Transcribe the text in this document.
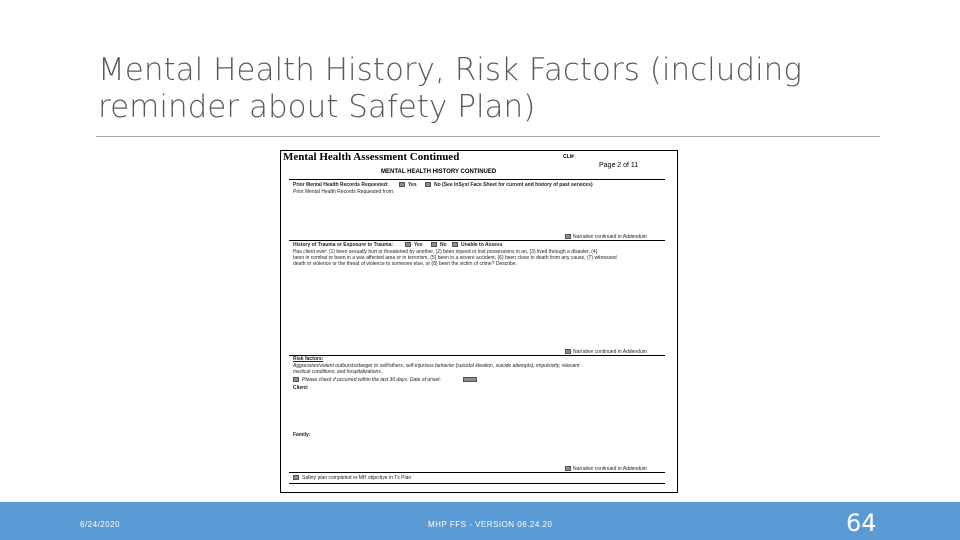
Mental Health History, Risk Factors (including reminder about Safety Plan)
Mental Health Assessment Continued	CLI#
Page 2 of 11
MENTAL HEALTH HISTORY CONTINUED
Prior Mental Health Records Requested:	Yes	No (See InSyst Face Sheet for current and history of past services)
Prior Mental Health Records Requested from:
Narrative continued in Addendum
History of Trauma or Exposure to Trauma:	Yes	No	Unable to Assess
Has client ever: (1) been sexually hurt or threatened by another, (2) been injured or lost possessions in an, (3) lived through a disaster, (4)
been in combat or been in a war-affected area or in terrorism, (5) been in a severe accident, (6) been close to death from any cause, (7) witnessed
death or violence or the threat of violence to someone else, or (8) been the victim of crime? Describe.
Narrative continued in Addendum
Risk factors:
Aggression/violent outbursts/danger to self/others, self-injurious behavior (suicidal ideation, suicide attempts), impulsivity, relevant
medical conditions, and hospitalizations.
Please check if occurred within the last 30 days. Date of onset:
Client:
Family:
Narrative continued in Addendum
Safety plan completed or MH objective in Tx Plan
6/24/2020	MHP FFS - VERSION 06.24.20	64
